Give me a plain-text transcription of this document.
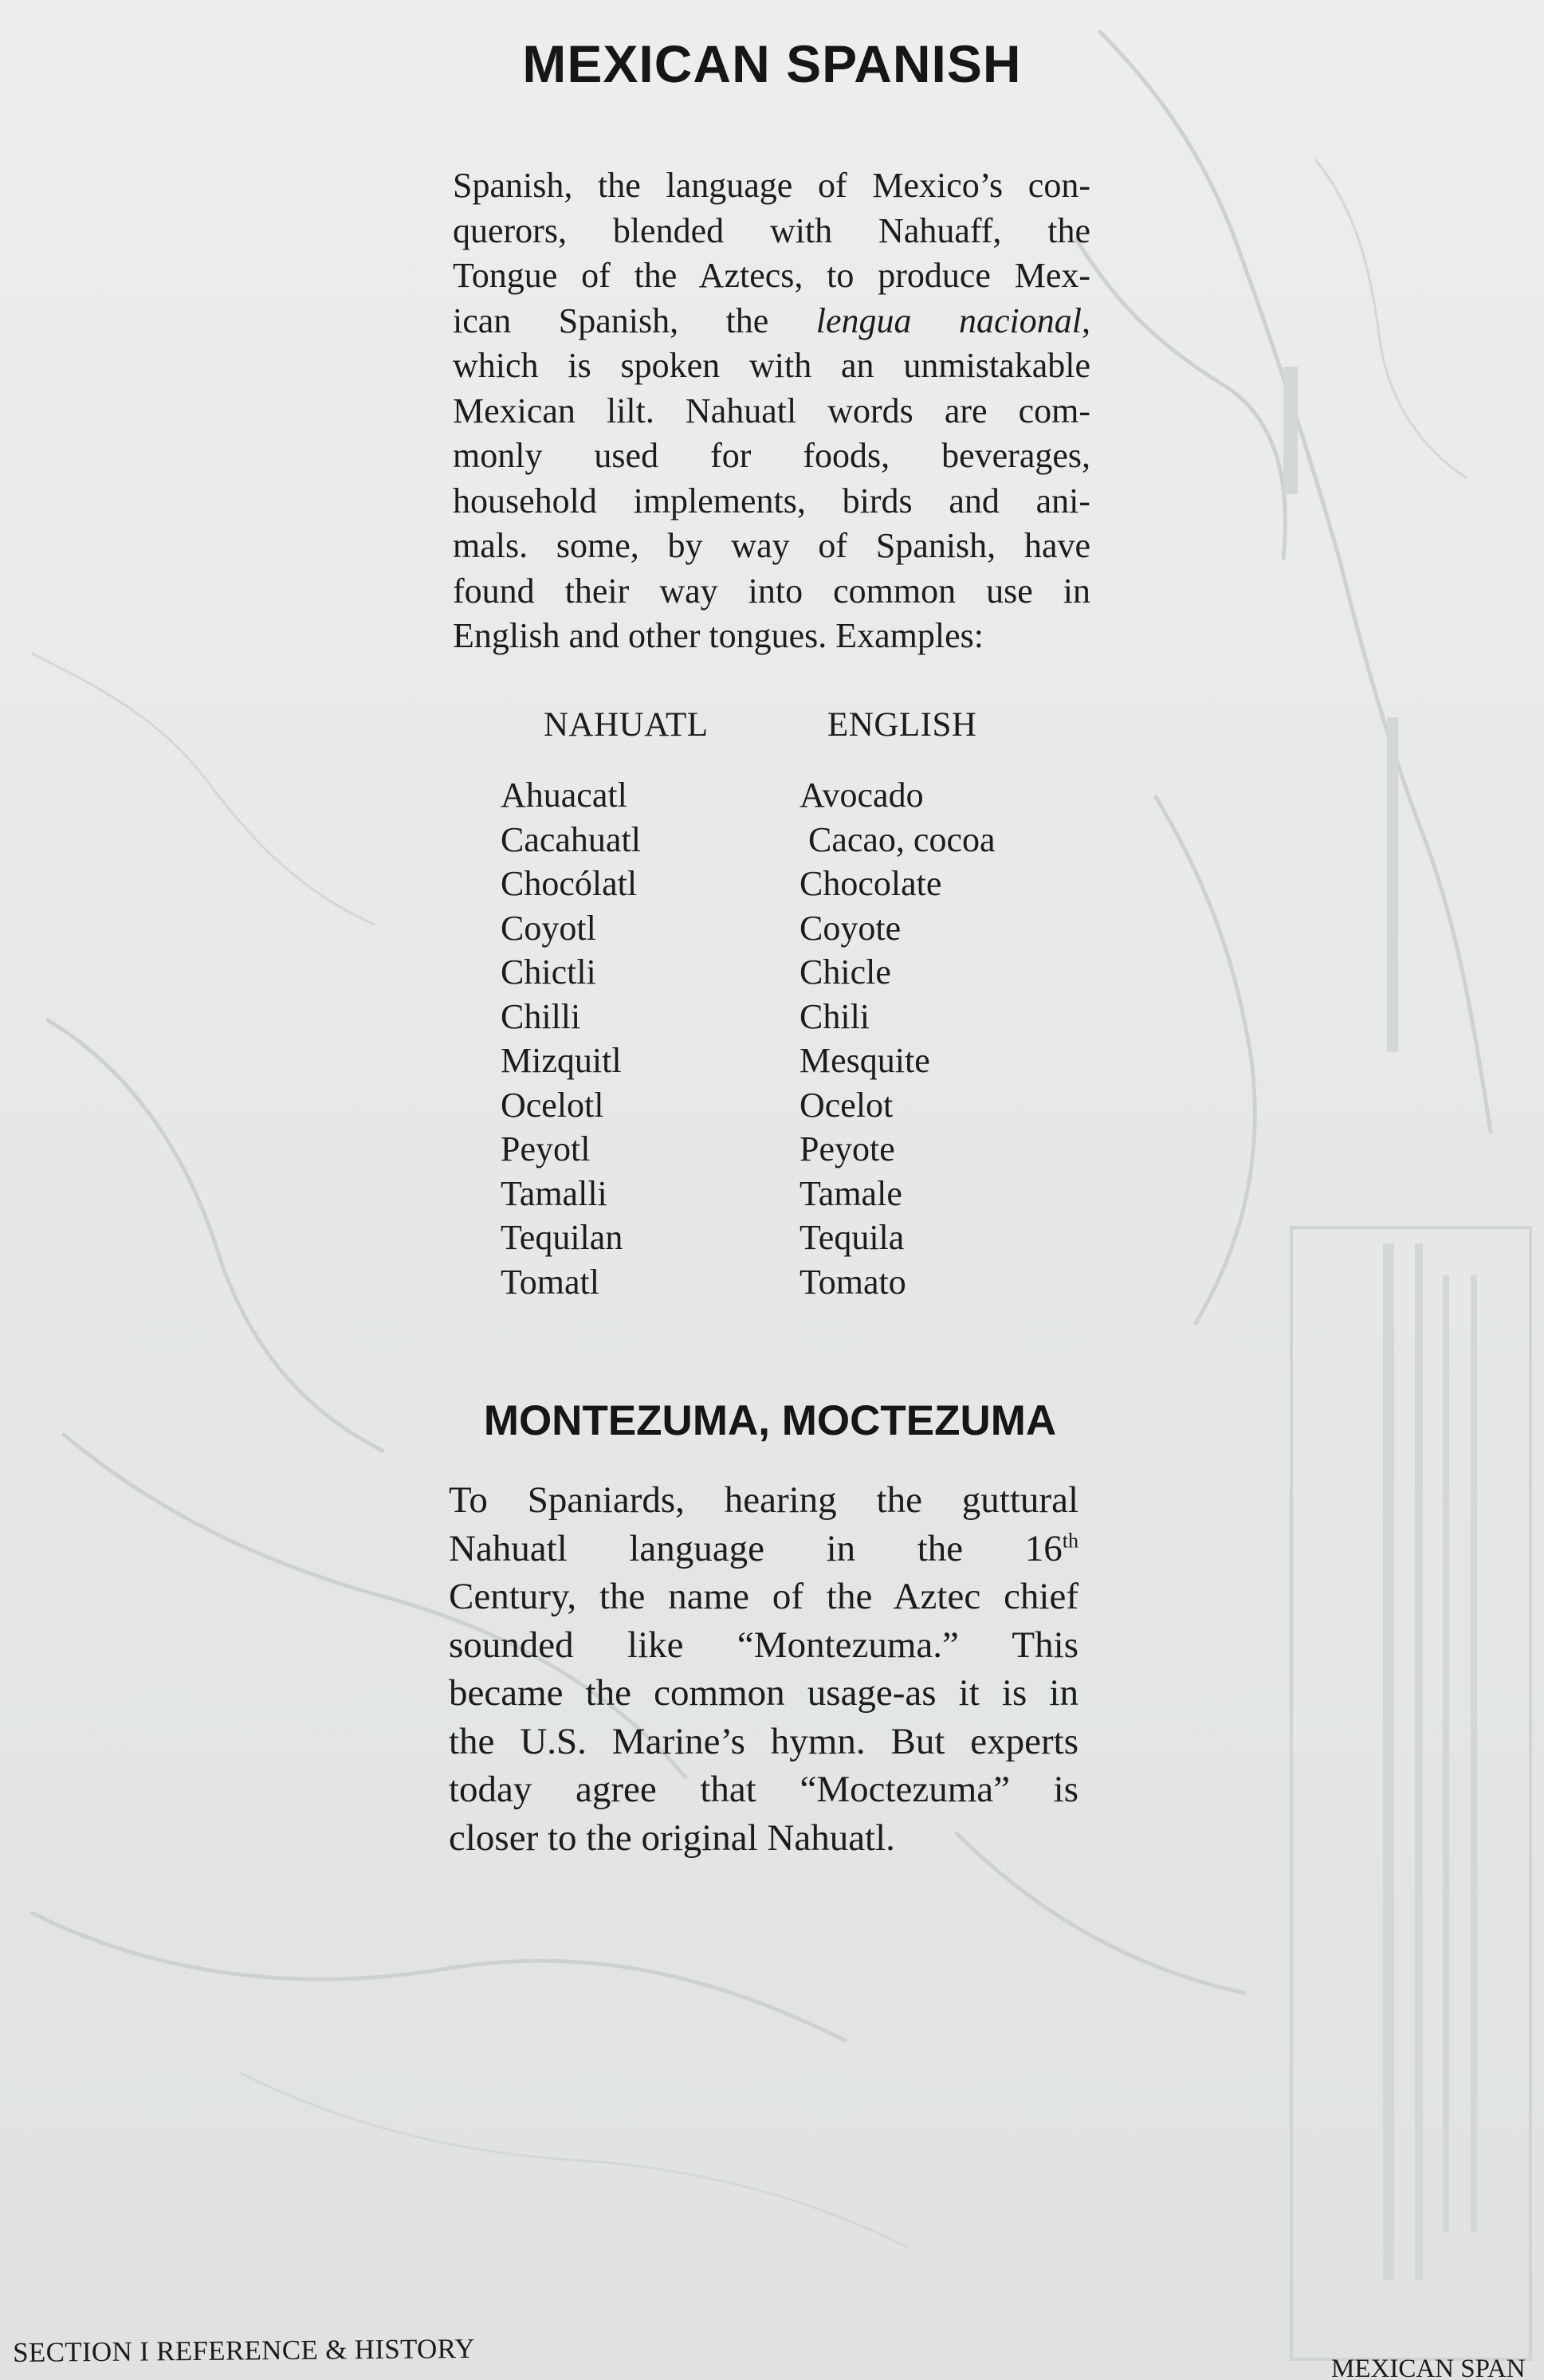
MEXICAN SPANISH
Spanish, the language of Mexico’s con-
querors, blended with Nahuaff, the
Tongue of the Aztecs, to produce Mex-
ican Spanish, the lengua nacional,
which is spoken with an unmistakable
Mexican lilt. Nahuatl words are com-
monly used for foods, beverages,
household implements, birds and ani-
mals. some, by way of Spanish, have
found their way into common use in
English and other tongues. Examples:
NAHUATL	ENGLISH
Ahuacatl	Avocado
Cacahuatl	Cacao, cocoa
Chocólatl	Chocolate
Coyotl	Coyote
Chictli	Chicle
Chilli	Chili
Mizquitl	Mesquite
Ocelotl	Ocelot
Peyotl	Peyote
Tamalli	Tamale
Tequilan	Tequila
Tomatl	Tomato
MONTEZUMA, MOCTEZUMA
To Spaniards, hearing the guttural
Nahuatl language in the 16th
Century, the name of the Aztec chief
sounded like “Montezuma.” This
became the common usage-as it is in
the U.S. Marine’s hymn. But experts
today agree that “Moctezuma” is
closer to the original Nahuatl.
SECTION I REFERENCE & HISTORY
MEXICAN SPAN
